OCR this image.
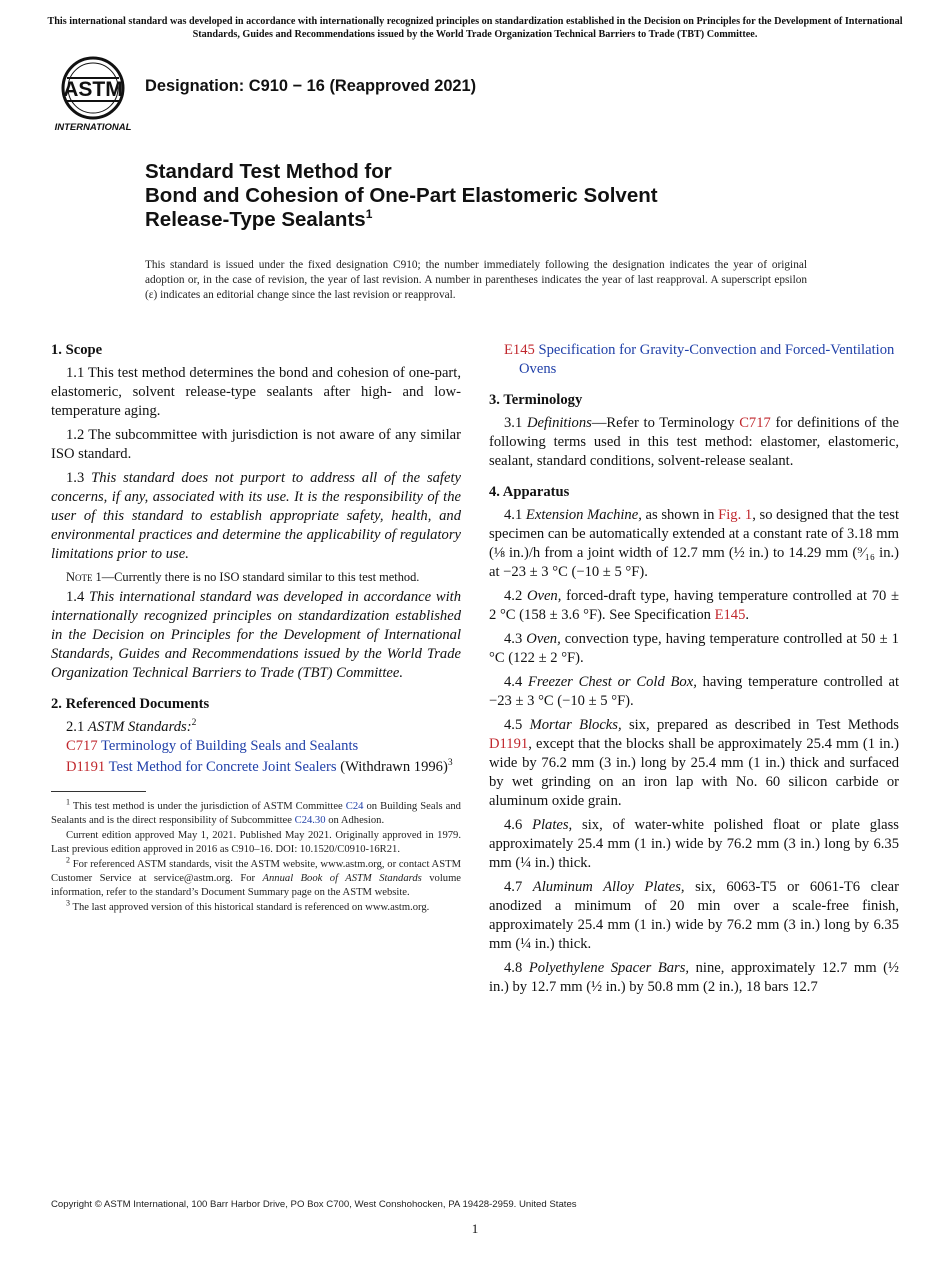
This international standard was developed in accordance with internationally recognized principles on standardization established in the Decision on Principles for the Development of International Standards, Guides and Recommendations issued by the World Trade Organization Technical Barriers to Trade (TBT) Committee.
ASTM
INTERNATIONAL
Designation: C910 − 16 (Reapproved 2021)
Standard Test Method for
Bond and Cohesion of One-Part Elastomeric Solvent
Release-Type Sealants$^1$
This standard is issued under the fixed designation C910; the number immediately following the designation indicates the year of original adoption or, in the case of revision, the year of last revision. A number in parentheses indicates the year of last reapproval. A superscript epsilon (ε) indicates an editorial change since the last revision or reapproval.
1. Scope

1.1 This test method determines the bond and cohesion of one-part, elastomeric, solvent release-type sealants after high- and low-temperature aging.

1.2 The subcommittee with jurisdiction is not aware of any similar ISO standard.

1.3 This standard does not purport to address all of the safety concerns, if any, associated with its use. It is the responsibility of the user of this standard to establish appropriate safety, health, and environmental practices and determine the applicability of regulatory limitations prior to use.

Note 1—Currently there is no ISO standard similar to this test method.

1.4 This international standard was developed in accordance with internationally recognized principles on standardization established in the Decision on Principles for the Development of International Standards, Guides and Recommendations issued by the World Trade Organization Technical Barriers to Trade (TBT) Committee.

2. Referenced Documents

2.1 ASTM Standards:$^2$

C717 Terminology of Building Seals and Sealants

D1191 Test Method for Concrete Joint Sealers (Withdrawn 1996)$^3$

$^1$ This test method is under the jurisdiction of ASTM Committee C24 on Building Seals and Sealants and is the direct responsibility of Subcommittee C24.30 on Adhesion.

Current edition approved May 1, 2021. Published May 2021. Originally approved in 1979. Last previous edition approved in 2016 as C910–16. DOI: 10.1520/C0910-16R21.

$^2$ For referenced ASTM standards, visit the ASTM website, www.astm.org, or contact ASTM Customer Service at service@astm.org. For Annual Book of ASTM Standards volume information, refer to the standard’s Document Summary page on the ASTM website.

$^3$ The last approved version of this historical standard is referenced on www.astm.org.

E145 Specification for Gravity-Convection and Forced-Ventilation Ovens

3. Terminology

3.1 Definitions—Refer to Terminology C717 for definitions of the following terms used in this test method: elastomer, elastomeric, sealant, standard conditions, solvent-release sealant.

4. Apparatus

4.1 Extension Machine, as shown in Fig. 1, so designed that the test specimen can be automatically extended at a constant rate of 3.18 mm (⅛ in.)/h from a joint width of 12.7 mm (½ in.) to 14.29 mm (⁹⁄₁₆ in.) at −23 ± 3 °C (−10 ± 5 °F).

4.2 Oven, forced-draft type, having temperature controlled at 70 ± 2 °C (158 ± 3.6 °F). See Specification E145.

4.3 Oven, convection type, having temperature controlled at 50 ± 1 °C (122 ± 2 °F).

4.4 Freezer Chest or Cold Box, having temperature controlled at −23 ± 3 °C (−10 ± 5 °F).

4.5 Mortar Blocks, six, prepared as described in Test Methods D1191, except that the blocks shall be approximately 25.4 mm (1 in.) wide by 76.2 mm (3 in.) long by 25.4 mm (1 in.) thick and surfaced by wet grinding on an iron lap with No. 60 silicon carbide or aluminum oxide grain.

4.6 Plates, six, of water-white polished float or plate glass approximately 25.4 mm (1 in.) wide by 76.2 mm (3 in.) long by 6.35 mm (¼ in.) thick.

4.7 Aluminum Alloy Plates, six, 6063-T5 or 6061-T6 clear anodized a minimum of 20 min over a scale-free finish, approximately 25.4 mm (1 in.) wide by 76.2 mm (3 in.) long by 6.35 mm (¼ in.) thick.

4.8 Polyethylene Spacer Bars, nine, approximately 12.7 mm (½ in.) by 12.7 mm (½ in.) by 50.8 mm (2 in.), 18 bars 12.7

Copyright © ASTM International, 100 Barr Harbor Drive, PO Box C700, West Conshohocken, PA 19428-2959. United States
1
